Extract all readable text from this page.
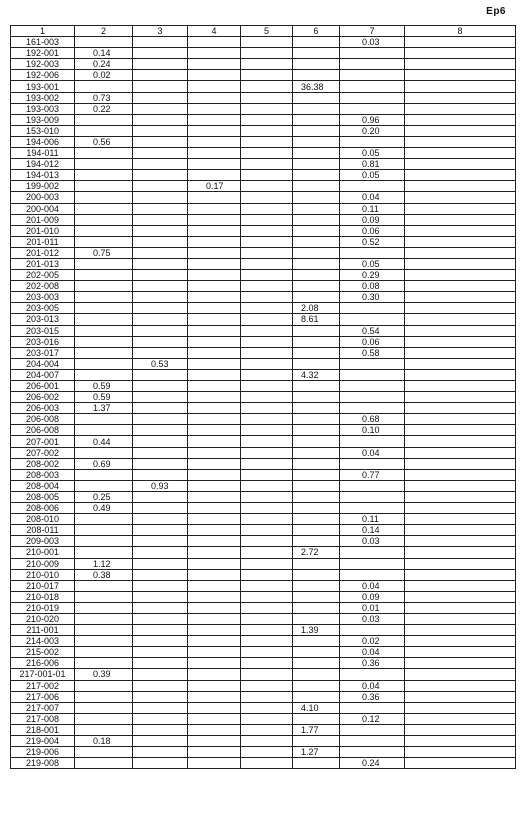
Ер6
1	2	3	4	5	6	7	8
161-003						0.03	
192-001	0.14						
192-003	0.24						
192-006	0.02						
193-001					36.38		
193-002	0.73						
193-003	0.22						
193-009						0.96	
153-010						0.20	
194-006	0.56						
194-011						0.05	
194-012						0.81	
194-013						0.05	
199-002			0.17				
200-003						0.04	
200-004						0.11	
201-009						0.09	
201-010						0.06	
201-011						0.52	
201-012	0.75						
201-013						0.05	
202-005						0.29	
202-008						0.08	
203-003						0.30	
203-005					2.08		
203-013					8.61		
203-015						0.54	
203-016						0.06	
203-017						0.58	
204-004		0.53					
204-007					4.32		
206-001	0.59						
206-002	0.59						
206-003	1.37						
206-008						0.68	
206-008						0.10	
207-001	0.44						
207-002						0.04	
208-002	0.69						
208-003						0.77	
208-004		0.93					
208-005	0.25						
208-006	0.49						
208-010						0.11	
208-011						0.14	
209-003						0.03	
210-001					2.72		
210-009	1.12						
210-010	0.38						
210-017						0.04	
210-018						0.09	
210-019						0.01	
210-020						0.03	
211-001					1.39		
214-003						0.02	
215-002						0.04	
216-006						0.36	
217-001-01	0.39						
217-002						0.04	
217-006						0.36	
217-007					4.10		
217-008						0.12	
218-001					1.77		
219-004	0.18						
219-006					1.27		
219-008						0.24	
